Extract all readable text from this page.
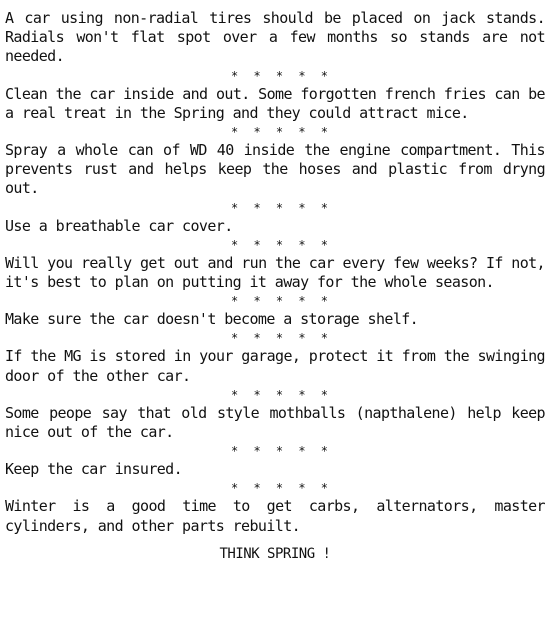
A car using non-radial tires should be placed on jack stands. Radials won't flat spot over a few months so stands are not needed.

* * * * *

Clean the car inside and out. Some forgotten french fries can be a real treat in the Spring and they could attract mice.

* * * * *

Spray a whole can of WD 40 inside the engine compartment. This prevents rust and helps keep the hoses and plastic from dryng out.

* * * * *

Use a breathable car cover.

* * * * *

Will you really get out and run the car every few weeks? If not, it's best to plan on putting it away for the whole season.

* * * * *

Make sure the car doesn't become a storage shelf.

* * * * *

If the MG is stored in your garage, protect it from the swinging door of the other car.

* * * * *

Some peope say that old style mothballs (napthalene) help keep nice out of the car.

* * * * *

Keep the car insured.

* * * * *

Winter is a good time to get carbs, alternators, master cylinders, and other parts rebuilt.

THINK SPRING !
